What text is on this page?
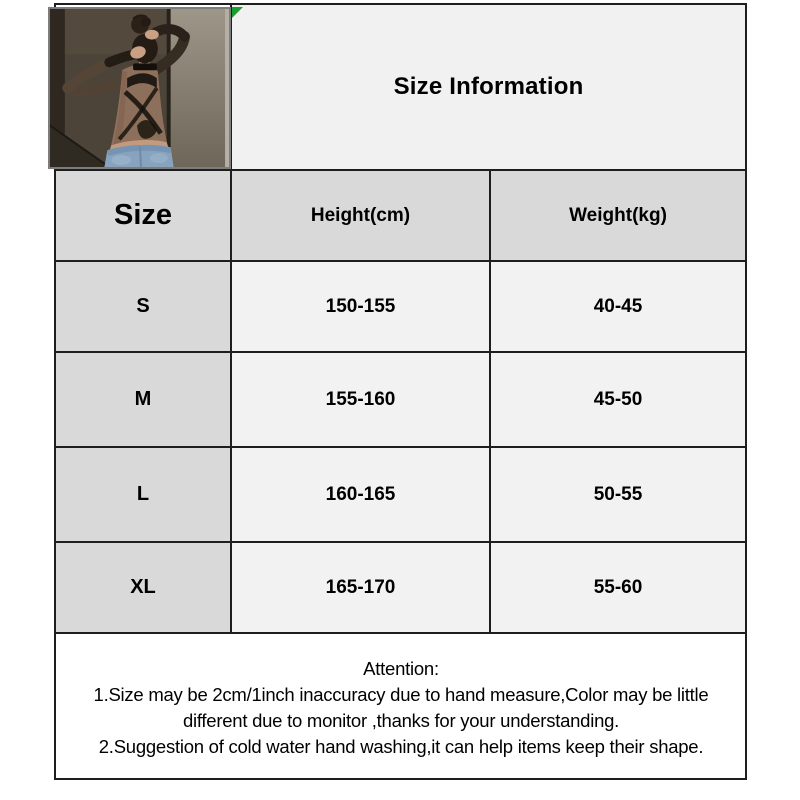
Size Information	

Size	Height(cm)	Weight(kg)
S	150-155	40-45
M	155-160	45-50
L	160-165	50-55
XL	165-170	55-60

Attention:
1.Size may be 2cm/1inch inaccuracy due to hand measure,Color may be little
different due to monitor ,thanks for your understanding.
2.Suggestion of cold water hand washing,it can help items keep their shape.		
